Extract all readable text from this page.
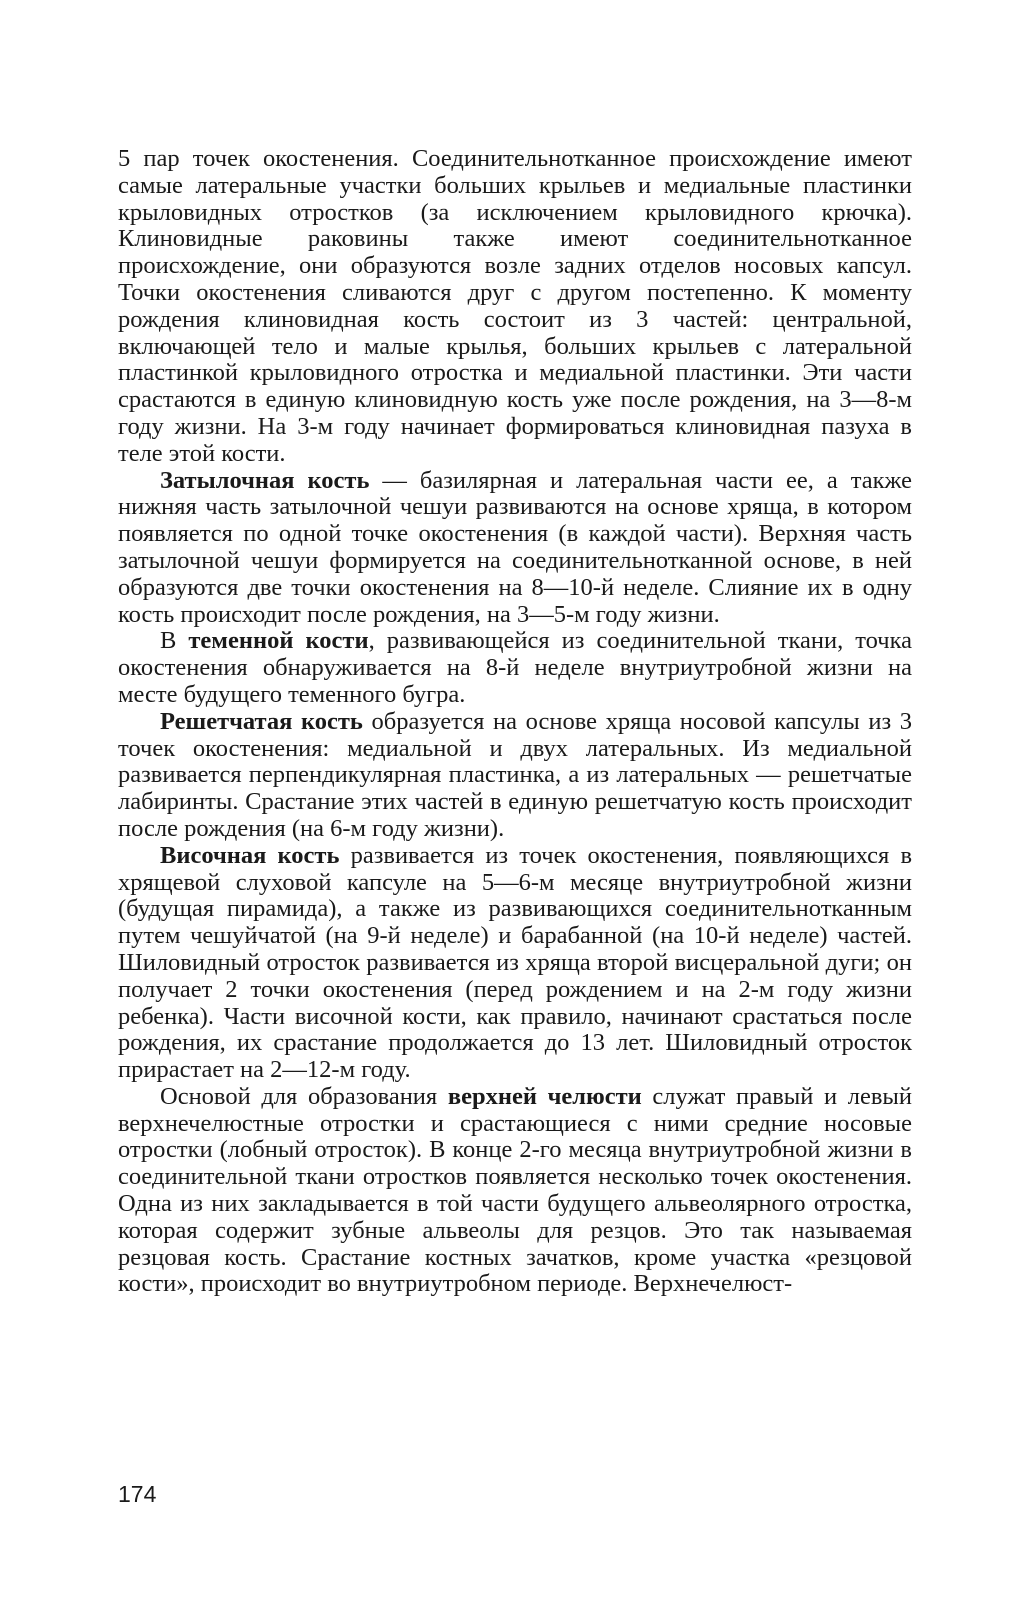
5 пар точек окостенения. Соединительнотканное происхождение имеют самые латеральные участки больших крыльев и медиальные пластинки крыловидных отростков (за исключением крыловидного крючка). Клиновидные раковины также имеют соединительнотканное происхождение, они образуются возле задних отделов носовых капсул. Точки окостенения сливаются друг с другом постепенно. К моменту рождения клиновидная кость состоит из 3 частей: центральной, включающей тело и малые крылья, больших крыльев с латеральной пластинкой крыловидного отростка и медиальной пластинки. Эти части срастаются в единую клиновидную кость уже после рождения, на 3—8-м году жизни. На 3-м году начинает формироваться клиновидная пазуха в теле этой кости.

Затылочная кость — базилярная и латеральная части ее, а также нижняя часть затылочной чешуи развиваются на основе хряща, в котором появляется по одной точке окостенения (в каждой части). Верхняя часть затылочной чешуи формируется на соединительнотканной основе, в ней образуются две точки окостенения на 8—10-й неделе. Слияние их в одну кость происходит после рождения, на 3—5-м году жизни.

В теменной кости, развивающейся из соединительной ткани, точка окостенения обнаруживается на 8-й неделе внутриутробной жизни на месте будущего теменного бугра.

Решетчатая кость образуется на основе хряща носовой капсулы из 3 точек окостенения: медиальной и двух латеральных. Из медиальной развивается перпендикулярная пластинка, а из латеральных — решетчатые лабиринты. Срастание этих частей в единую решетчатую кость происходит после рождения (на 6-м году жизни).

Височная кость развивается из точек окостенения, появляющихся в хрящевой слуховой капсуле на 5—6-м месяце внутриутробной жизни (будущая пирамида), а также из развивающихся соединительнотканным путем чешуйчатой (на 9-й неделе) и барабанной (на 10-й неделе) частей. Шиловидный отросток развивается из хряща второй висцеральной дуги; он получает 2 точки окостенения (перед рождением и на 2-м году жизни ребенка). Части височной кости, как правило, начинают срастаться после рождения, их срастание продолжается до 13 лет. Шиловидный отросток прирастает на 2—12-м году.

Основой для образования верхней челюсти служат правый и левый верхнечелюстные отростки и срастающиеся с ними средние носовые отростки (лобный отросток). В конце 2-го месяца внутриутробной жизни в соединительной ткани отростков появляется несколько точек окостенения. Одна из них закладывается в той части будущего альвеолярного отростка, которая содержит зубные альвеолы для резцов. Это так называемая резцовая кость. Срастание костных зачатков, кроме участка «резцовой кости», происходит во внутриутробном периоде. Верхнечелюст-

174
